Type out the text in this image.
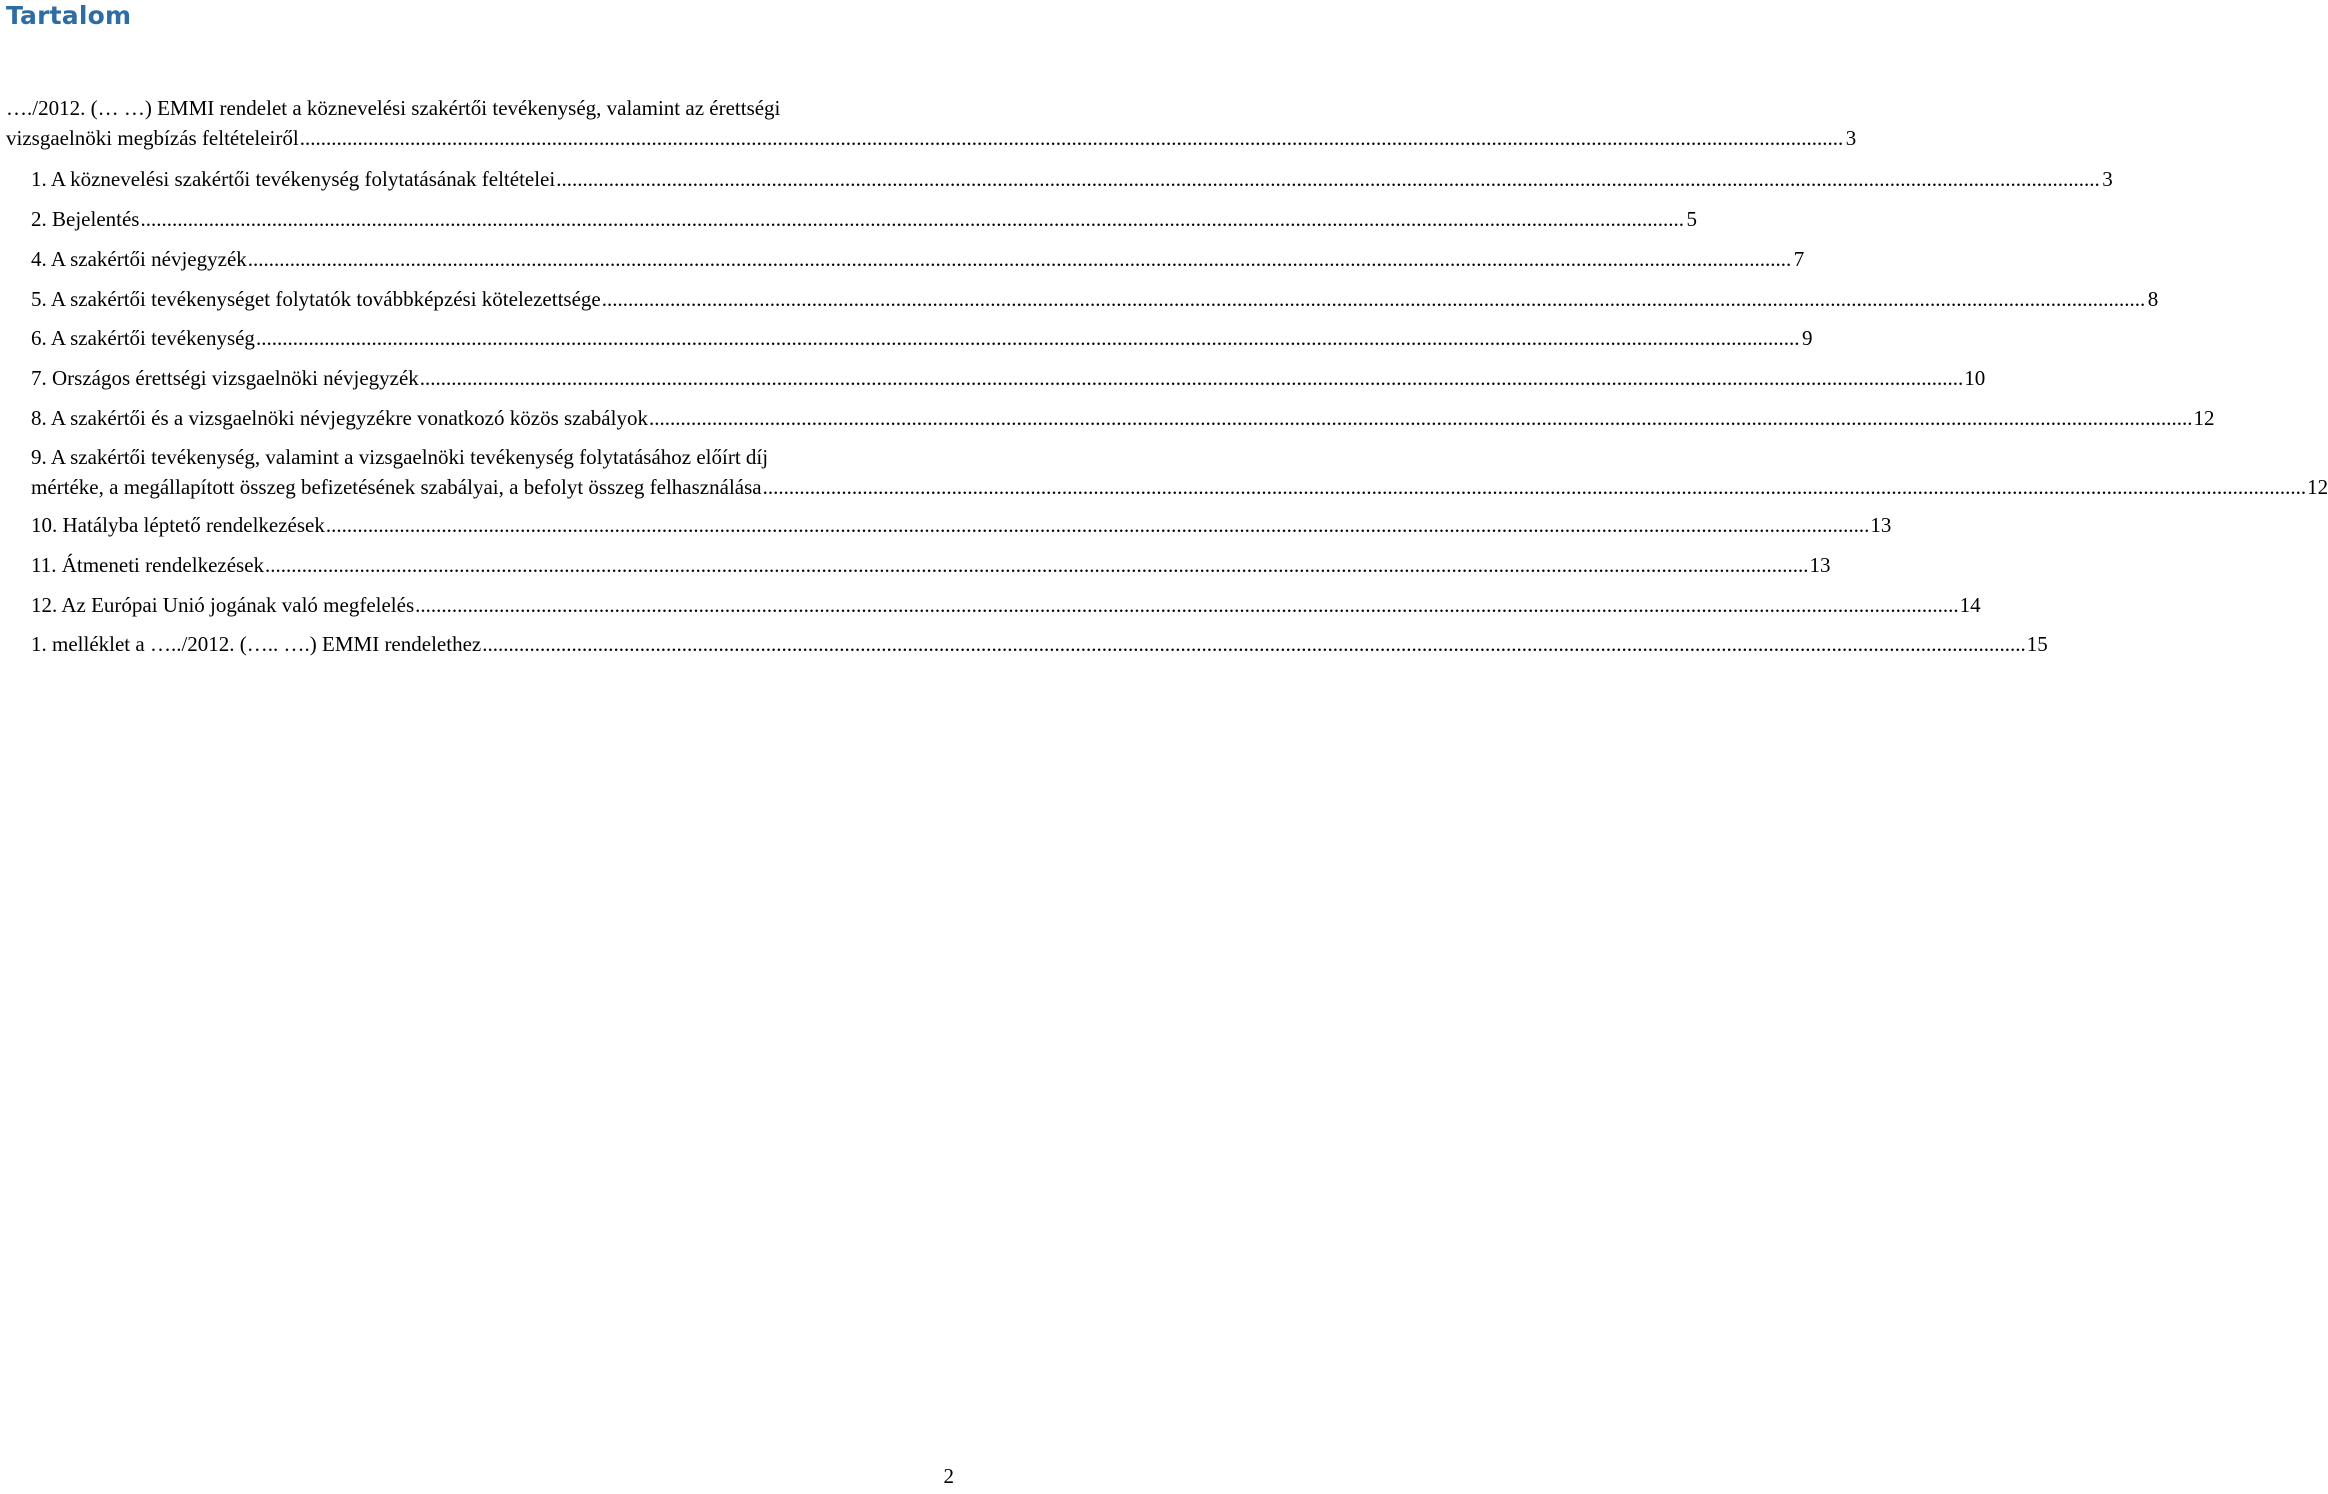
Tartalom
…./2012. (… …) EMMI rendelet a köznevelési szakértői tevékenység, valamint az érettségi
vizsgaelnöki megbízás feltételeiről .....	3
1. A köznevelési szakértői tevékenység folytatásának feltételei .....	3
2. Bejelentés .....	5
4. A szakértői névjegyzék .....	7
5. A szakértői tevékenységet folytatók továbbképzési kötelezettsége .....	8
6. A szakértői tevékenység .....	9
7. Országos érettségi vizsgaelnöki névjegyzék .....	10
8. A szakértői és a vizsgaelnöki névjegyzékre vonatkozó közös szabályok .....	12
9. A szakértői tevékenység, valamint a vizsgaelnöki tevékenység folytatásához előírt díj
mértéke, a megállapított összeg befizetésének szabályai, a befolyt összeg felhasználása .....	12
10. Hatályba léptető rendelkezések .....	13
11. Átmeneti rendelkezések .....	13
12. Az Európai Unió jogának való megfelelés .....	14
1. melléklet a …../2012. (….. ….) EMMI rendelethez .....	15
2
